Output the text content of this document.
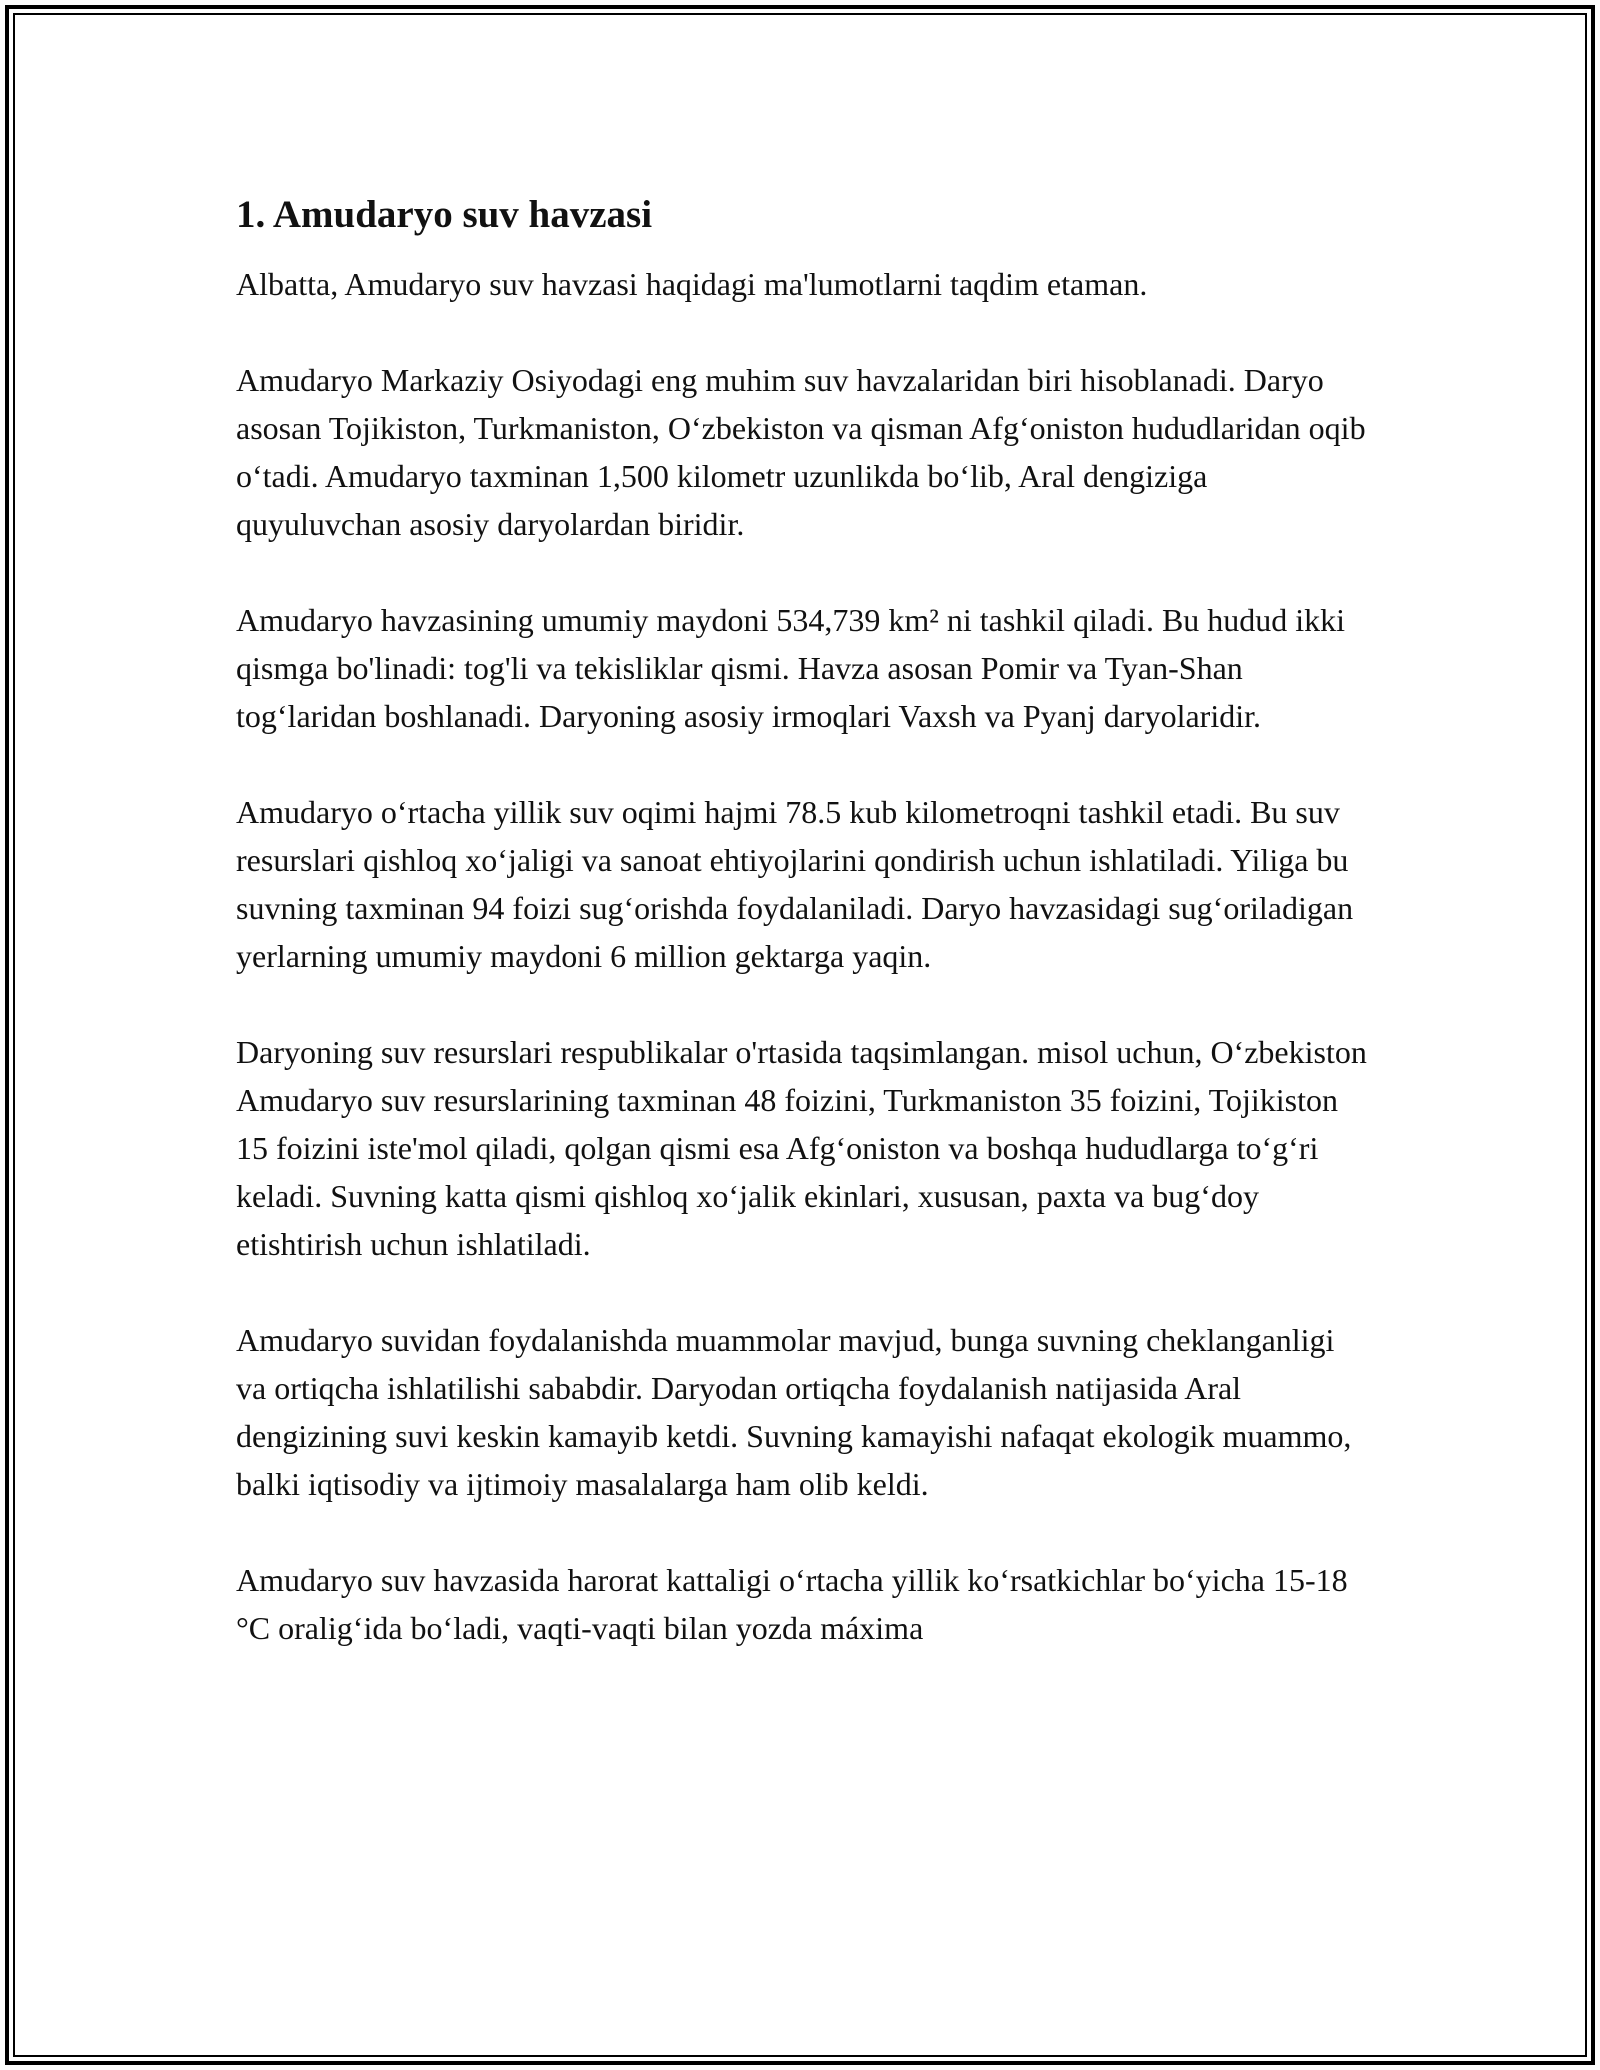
1. Amudaryo suv havzasi

Albatta, Amudaryo suv havzasi haqidagi ma'lumotlarni taqdim etaman.

Amudaryo Markaziy Osiyodagi eng muhim suv havzalaridan biri hisoblanadi. Daryo asosan Tojikiston, Turkmaniston, O‘zbekiston va qisman Afg‘oniston hududlaridan oqib o‘tadi. Amudaryo taxminan 1,500 kilometr uzunlikda bo‘lib, Aral dengiziga quyuluvchan asosiy daryolardan biridir.

Amudaryo havzasining umumiy maydoni 534,739 km² ni tashkil qiladi. Bu hudud ikki qismga bo'linadi: tog'li va tekisliklar qismi. Havza asosan Pomir va Tyan-Shan tog‘laridan boshlanadi. Daryoning asosiy irmoqlari Vaxsh va Pyanj daryolaridir.

Amudaryo o‘rtacha yillik suv oqimi hajmi 78.5 kub kilometroqni tashkil etadi. Bu suv resurslari qishloq xo‘jaligi va sanoat ehtiyojlarini qondirish uchun ishlatiladi. Yiliga bu suvning taxminan 94 foizi sug‘orishda foydalaniladi. Daryo havzasidagi sug‘oriladigan yerlarning umumiy maydoni 6 million gektarga yaqin.

Daryoning suv resurslari respublikalar o'rtasida taqsimlangan. misol uchun, O‘zbekiston Amudaryo suv resurslarining taxminan 48 foizini, Turkmaniston 35 foizini, Tojikiston 15 foizini iste'mol qiladi, qolgan qismi esa Afg‘oniston va boshqa hududlarga to‘g‘ri keladi. Suvning katta qismi qishloq xo‘jalik ekinlari, xususan, paxta va bug‘doy etishtirish uchun ishlatiladi.

Amudaryo suvidan foydalanishda muammolar mavjud, bunga suvning cheklanganligi va ortiqcha ishlatilishi sababdir. Daryodan ortiqcha foydalanish natijasida Aral dengizining suvi keskin kamayib ketdi. Suvning kamayishi nafaqat ekologik muammo, balki iqtisodiy va ijtimoiy masalalarga ham olib keldi.

Amudaryo suv havzasida harorat kattaligi o‘rtacha yillik ko‘rsatkichlar bo‘yicha 15-18 °C oralig‘ida bo‘ladi, vaqti-vaqti bilan yozda máxima
